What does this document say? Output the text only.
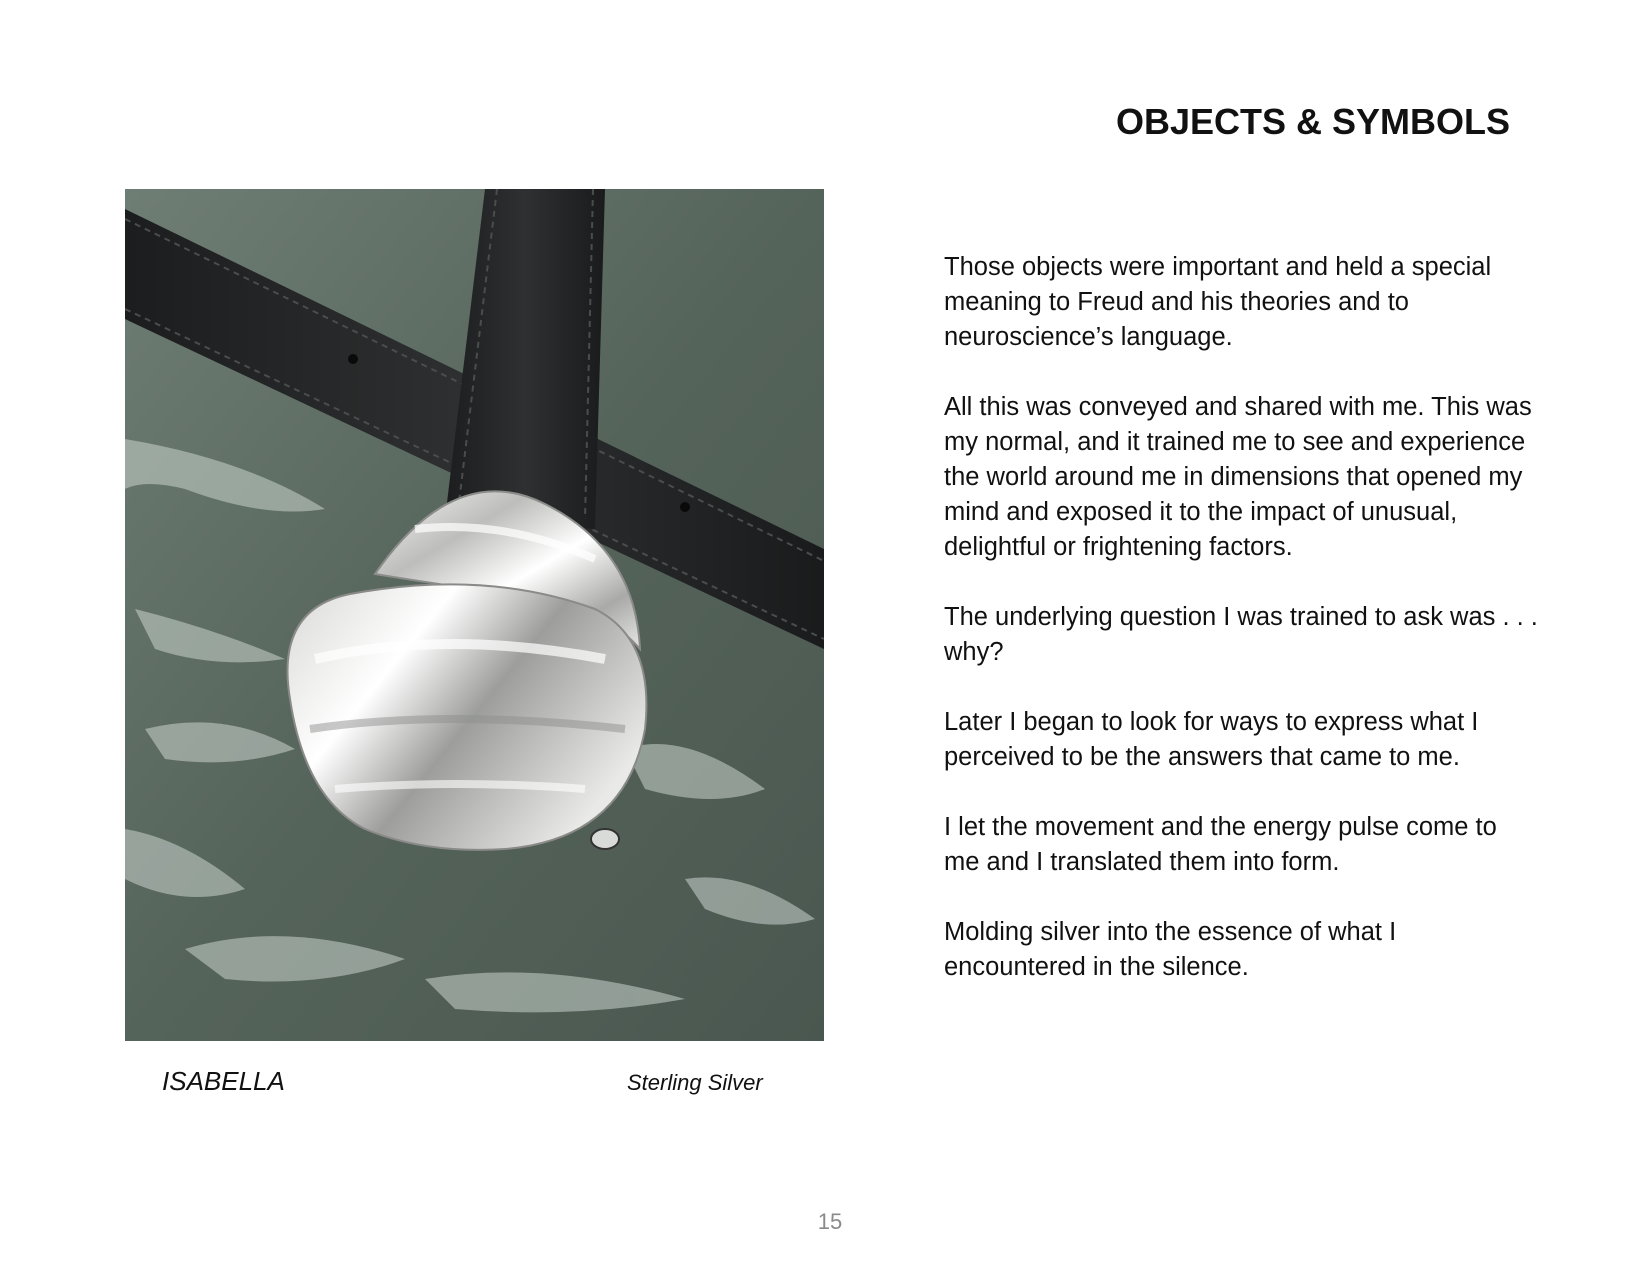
OBJECTS & SYMBOLS
ISABELLA	Sterling Silver

Those objects were important and held a special
meaning to Freud and his theories and to
neuroscience’s language.

All this was conveyed and shared with me. This was
my normal, and it trained me to see and experience
the world around me in dimensions that opened my
mind and exposed it to the impact of unusual,
delightful or frightening factors.

The underlying question I was trained to ask was . . .
why?

Later I began to look for ways to express what I
perceived to be the answers that came to me.

I let the movement and the energy pulse come to
me and I translated them into form.

Molding silver into the essence of what I
encountered in the silence.

15
